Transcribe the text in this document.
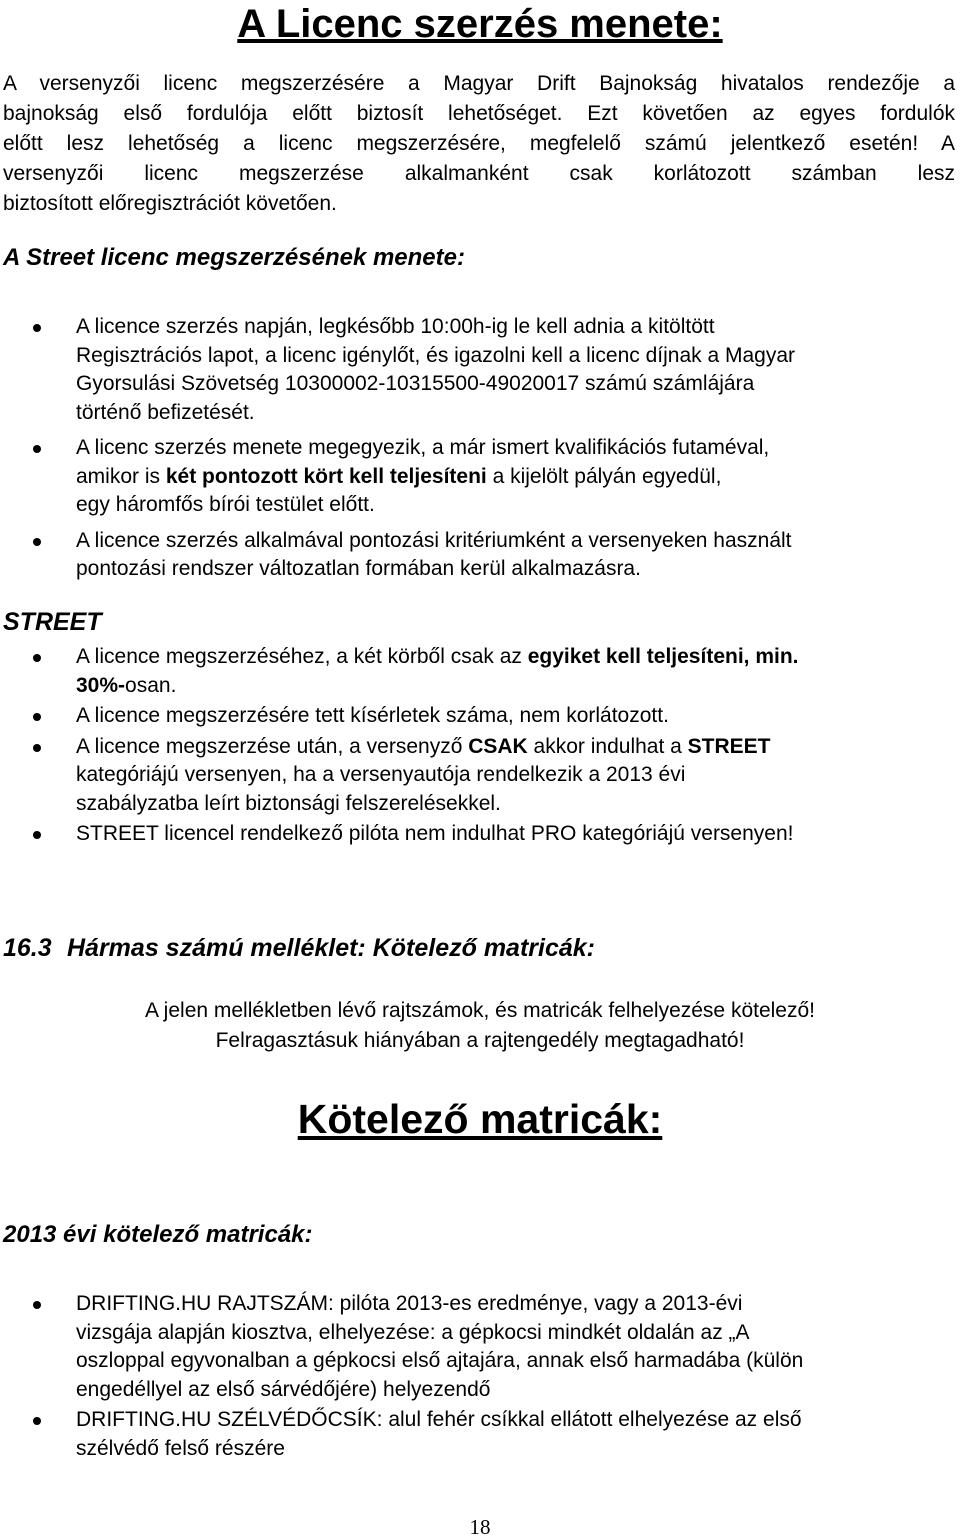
A Licenc szerzés menete:

A versenyzői licenc megszerzésére a Magyar Drift Bajnokság hivatalos rendezője a
bajnokság első fordulója előtt biztosít lehetőséget. Ezt követően az egyes fordulók
előtt lesz lehetőség a licenc megszerzésére, megfelelő számú jelentkező esetén! A
versenyzői licenc megszerzése alkalmanként csak korlátozott számban lesz
biztosított előregisztrációt követően.

A Street licenc megszerzésének menete:
A licence szerzés napján, legkésőbb 10:00h-ig le kell adnia a kitöltött
Regisztrációs lapot, a licenc igénylőt, és igazolni kell a licenc díjnak a Magyar
Gyorsulási Szövetség 10300002-10315500-49020017 számú számlájára
történő befizetését.
A licenc szerzés menete megegyezik, a már ismert kvalifikációs futaméval,
amikor is két pontozott kört kell teljesíteni a kijelölt pályán egyedül,
egy háromfős bírói testület előtt.
A licence szerzés alkalmával pontozási kritériumként a versenyeken használt
pontozási rendszer változatlan formában kerül alkalmazásra.
STREET
A licence megszerzéséhez, a két körből csak az egyiket kell teljesíteni, min.
30%-osan.
A licence megszerzésére tett kísérletek száma, nem korlátozott.
A licence megszerzése után, a versenyző CSAK akkor indulhat a STREET
kategóriájú versenyen, ha a versenyautója rendelkezik a 2013 évi
szabályzatba leírt biztonsági felszerelésekkel.
STREET licencel rendelkező pilóta nem indulhat PRO kategóriájú versenyen!
16.3 Hármas számú melléklet: Kötelező matricák:

A jelen mellékletben lévő rajtszámok, és matricák felhelyezése kötelező!

Felragasztásuk hiányában a rajtengedély megtagadható!

Kötelező matricák:
2013 évi kötelező matricák:
DRIFTING.HU RAJTSZÁM: pilóta 2013-es eredménye, vagy a 2013-évi
vizsgája alapján kiosztva, elhelyezése: a gépkocsi mindkét oldalán az „A
oszloppal egyvonalban a gépkocsi első ajtajára, annak első harmadába (külön
engedéllyel az első sárvédőjére) helyezendő
DRIFTING.HU SZÉLVÉDŐCSÍK: alul fehér csíkkal ellátott elhelyezése az első
szélvédő felső részére

18
